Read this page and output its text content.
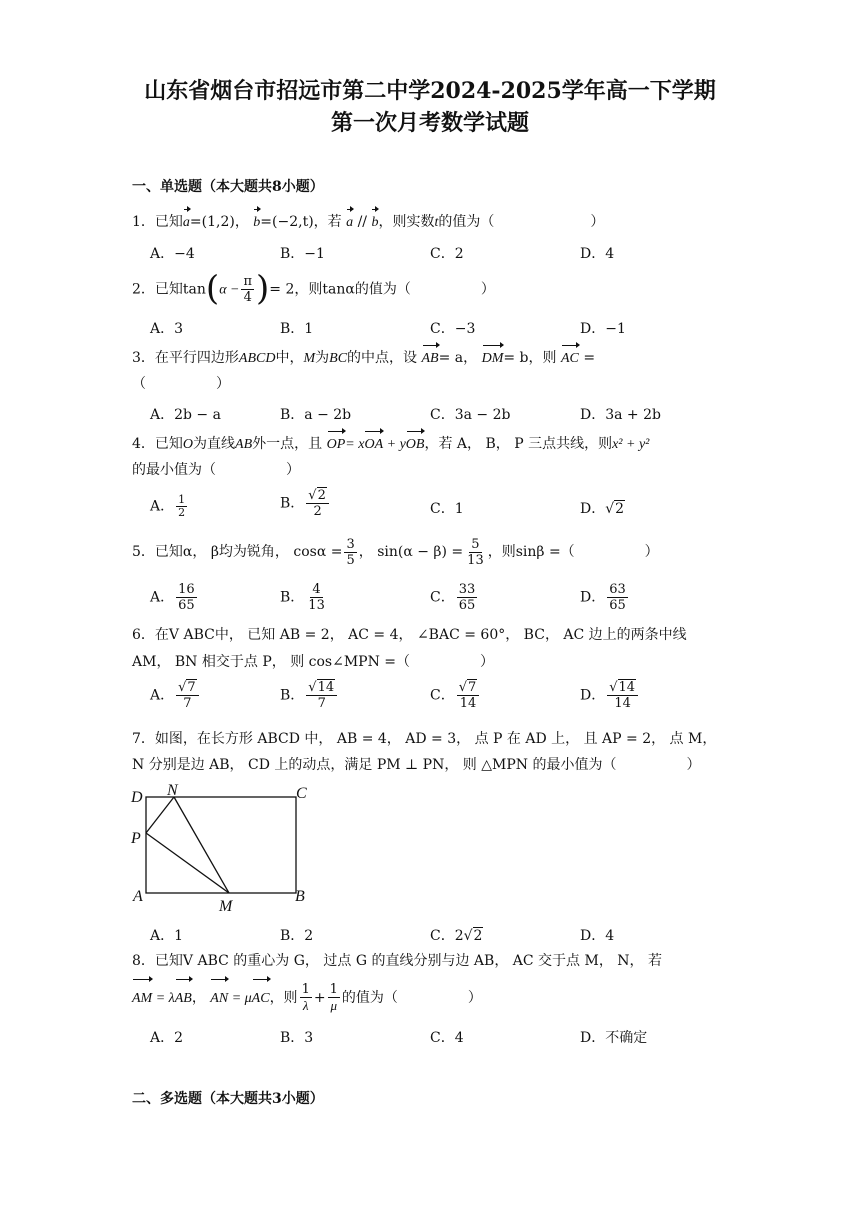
山东省烟台市招远市第二中学2024-2025学年高一下学期
第一次月考数学试题
一、单选题（本大题共8小题）
1．已知a=(1,2)， b=(−2,t)，若 a // b，则实数t的值为（	）
A．−4	B．−1	C．2	D．4
2．已知$\tan(\alpha - \frac{\pi}{4}$ )= 2，则tanα的值为（	）
A．3	B．1	C．−3	D．−1
3．在平行四边形ABCD中，M为BC的中点，设 AB= a， DM= b，则 AC =
（	）
A．2b − a	B．a − 2b	C．3a − 2b	D．3a + 2b
4．已知O为直线AB外一点，且 OP= xOA + yOB，若 A， B， P 三点共线，则x² + y²
的最小值为（	）
A． $\frac{1}{2}$	B． $\frac{√2}{2}$	C．1	D．√2
5．已知α， β均为锐角， $\cos\alpha = \frac{3}{5}$ ， $\sin(\alpha - \beta) = \frac{5}{13}$ ，则sinβ =（	）
A． $\frac{16}{65}$	B． $\frac{4}{13}$	C． $\frac{33}{65}$	D． $\frac{63}{65}$
6．在V ABC中， 已知 AB = 2， AC = 4， ∠BAC = 60°， BC， AC 边上的两条中线
AM， BN 相交于点 P， 则 cos∠MPN =（	）
A． $\frac{√7}{7}$	B． $\frac{√14}{7}$	C． $\frac{√7}{14}$	D． $\frac{√14}{14}$
7．如图，在长方形 ABCD 中， AB = 4， AD = 3， 点 P 在 AD 上， 且 AP = 2， 点 M，
N 分别是边 AB， CD 上的动点，满足 PM ⊥ PN， 则 △MPN 的最小值为（	）
D N	C
P
A
M
B
A．1	B．2	C．2√2	D．4
8．已知V ABC 的重心为 G， 过点 G 的直线分别与边 AB， AC 交于点 M， N， 若
AM = λAB， AN = μAC，则 $\frac{1}{\lambda} + \frac{1}{\mu}$ 的值为（	）
A．2	B．3	C．4	D．不确定
二、多选题（本大题共3小题）
